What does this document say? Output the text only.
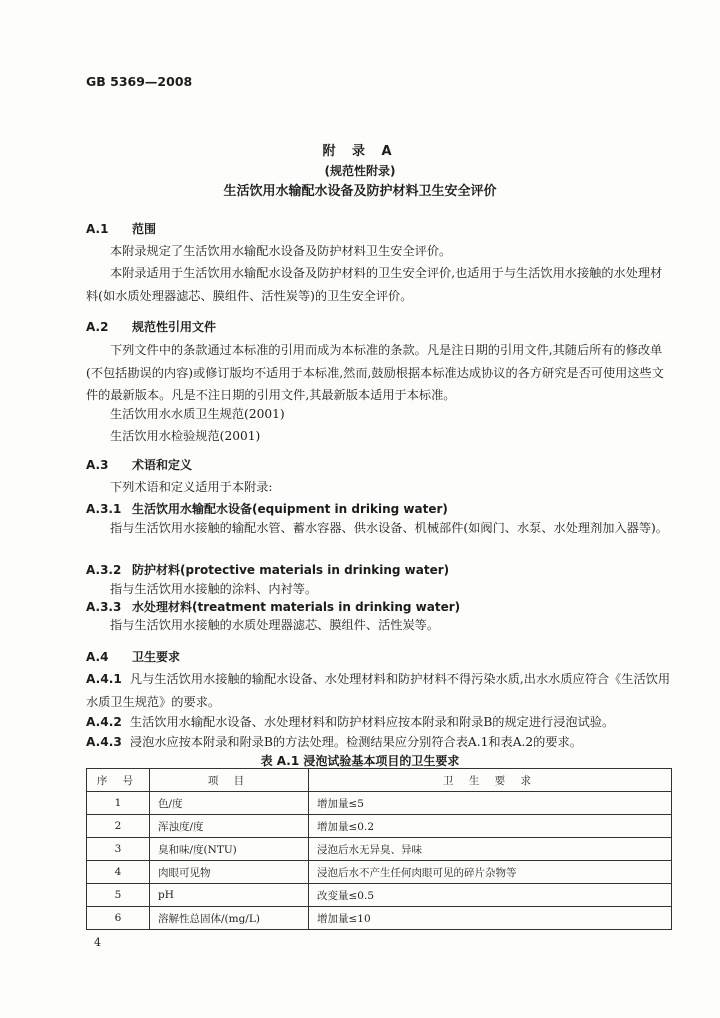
GB 5369—2008
附 录 A
(规范性附录)
生活饮用水输配水设备及防护材料卫生安全评价
A.1 范围
本附录规定了生活饮用水输配水设备及防护材料卫生安全评价。
本附录适用于生活饮用水输配水设备及防护材料的卫生安全评价,也适用于与生活饮用水接触的水处理材料(如水质处理器滤芯、膜组件、活性炭等)的卫生安全评价。
A.2 规范性引用文件
下列文件中的条款通过本标准的引用而成为本标准的条款。凡是注日期的引用文件,其随后所有的修改单(不包括勘误的内容)或修订版均不适用于本标准,然而,鼓励根据本标准达成协议的各方研究是否可使用这些文件的最新版本。凡是不注日期的引用文件,其最新版本适用于本标准。
生活饮用水水质卫生规范(2001)
生活饮用水检验规范(2001)
A.3 术语和定义
下列术语和定义适用于本附录:
A.3.1 生活饮用水输配水设备(equipment in driking water)
指与生活饮用水接触的输配水管、蓄水容器、供水设备、机械部件(如阀门、水泵、水处理剂加入器等)。
A.3.2 防护材料(protective materials in drinking water)
指与生活饮用水接触的涂料、内衬等。
A.3.3 水处理材料(treatment materials in drinking water)
指与生活饮用水接触的水质处理器滤芯、膜组件、活性炭等。
A.4 卫生要求
A.4.1 凡与生活饮用水接触的输配水设备、水处理材料和防护材料不得污染水质,出水水质应符合《生活饮用水质卫生规范》的要求。
A.4.2 生活饮用水输配水设备、水处理材料和防护材料应按本附录和附录B的规定进行浸泡试验。
A.4.3 浸泡水应按本附录和附录B的方法处理。检测结果应分别符合表A.1和表A.2的要求。
表 A.1 浸泡试验基本项目的卫生要求
序 号	项 目	卫 生 要 求
1	色/度	增加量≤5
2	浑浊度/度	增加量≤0.2
3	臭和味/度(NTU)	浸泡后水无异臭、异味
4	肉眼可见物	浸泡后水不产生任何肉眼可见的碎片杂物等
5	pH	改变量≤0.5
6	溶解性总固体/(mg/L)	增加量≤10
4
